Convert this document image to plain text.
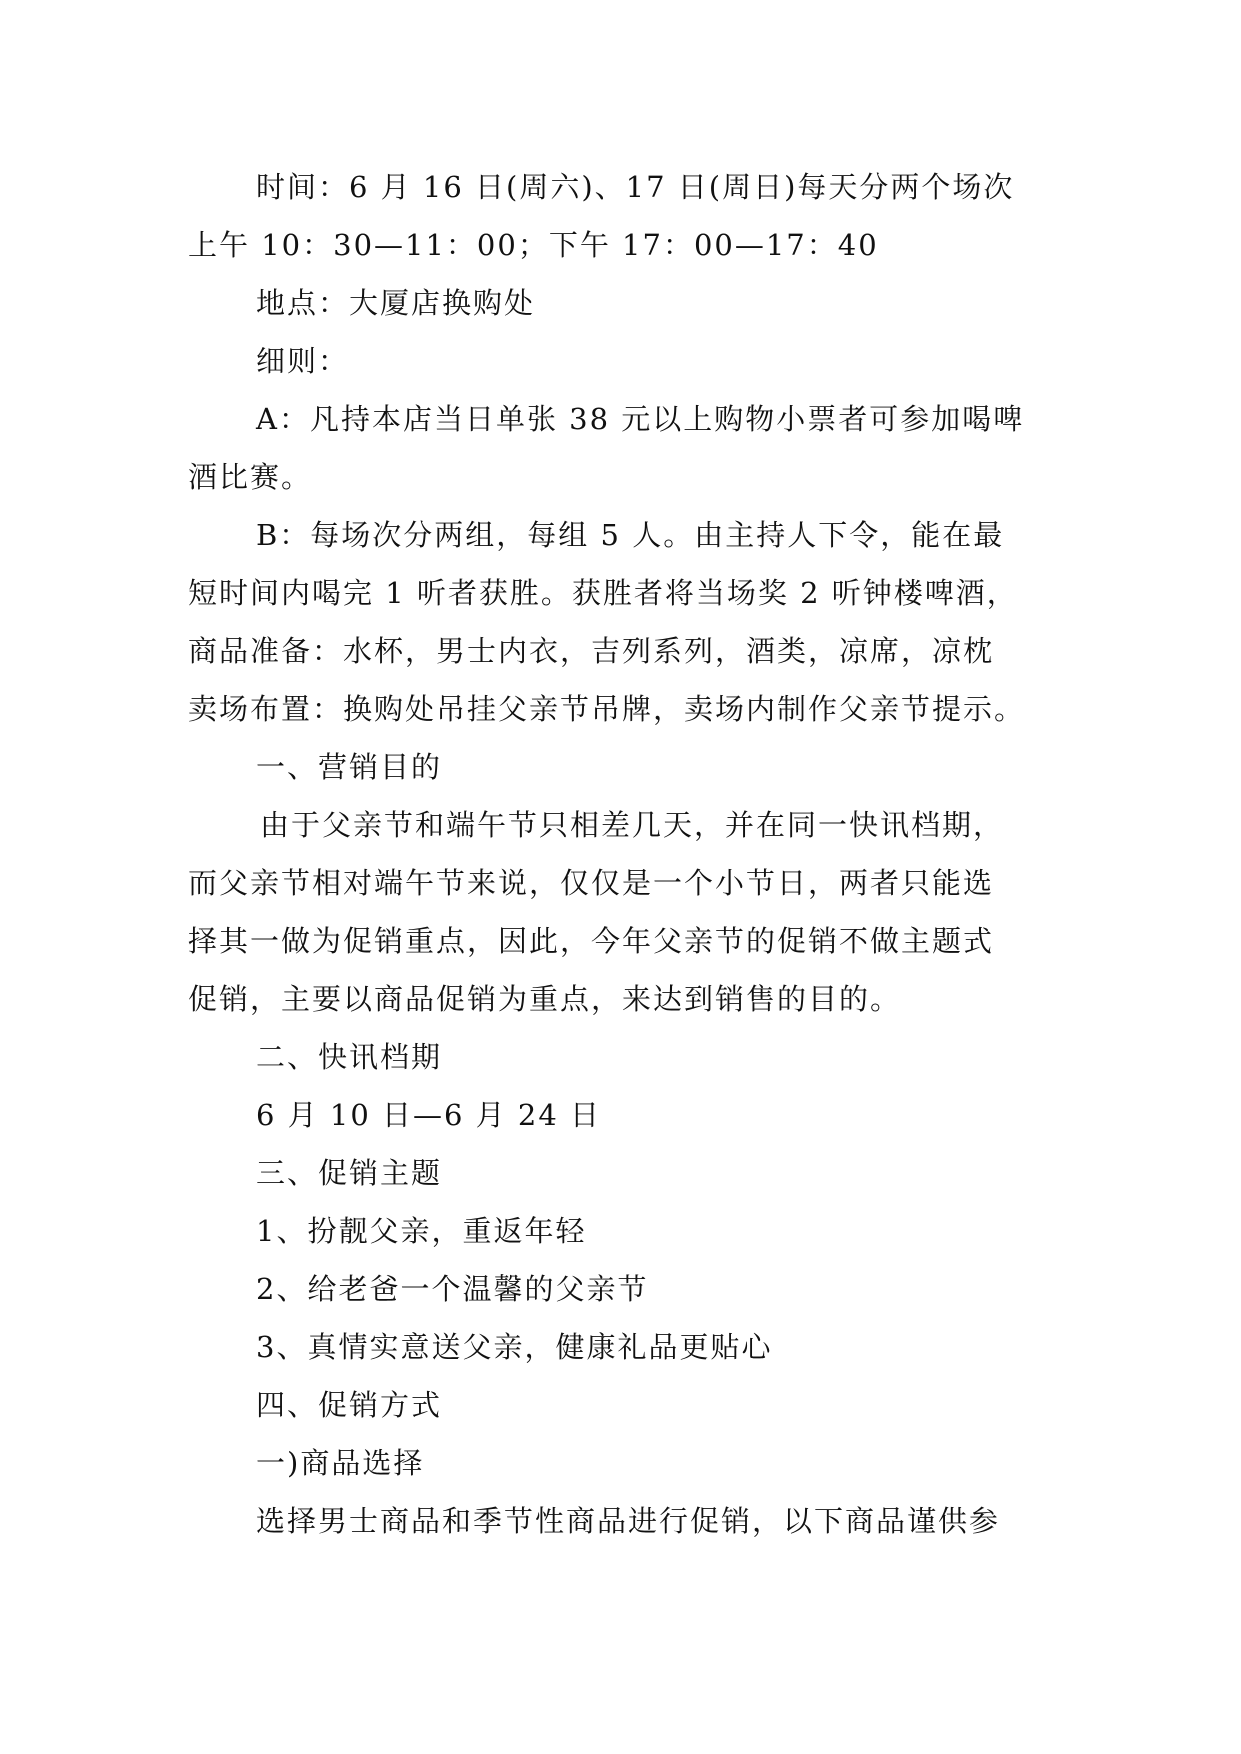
时间：6 月 16 日(周六)、17 日(周日)每天分两个场次
上午 10：30—11：00；下午 17：00—17：40
地点：大厦店换购处
细则：
A：凡持本店当日单张 38 元以上购物小票者可参加喝啤
酒比赛。
B：每场次分两组，每组 5 人。由主持人下令，能在最
短时间内喝完 1 听者获胜。获胜者将当场奖 2 听钟楼啤酒，
商品准备：水杯，男士内衣，吉列系列，酒类，凉席，凉枕
卖场布置：换购处吊挂父亲节吊牌，卖场内制作父亲节提示。
一、营销目的
由于父亲节和端午节只相差几天，并在同一快讯档期，
而父亲节相对端午节来说，仅仅是一个小节日，两者只能选
择其一做为促销重点，因此，今年父亲节的促销不做主题式
促销，主要以商品促销为重点，来达到销售的目的。
二、快讯档期
6 月 10 日—6 月 24 日
三、促销主题
1、扮靓父亲，重返年轻
2、给老爸一个温馨的父亲节
3、真情实意送父亲，健康礼品更贴心
四、促销方式
一)商品选择
选择男士商品和季节性商品进行促销，以下商品谨供参
